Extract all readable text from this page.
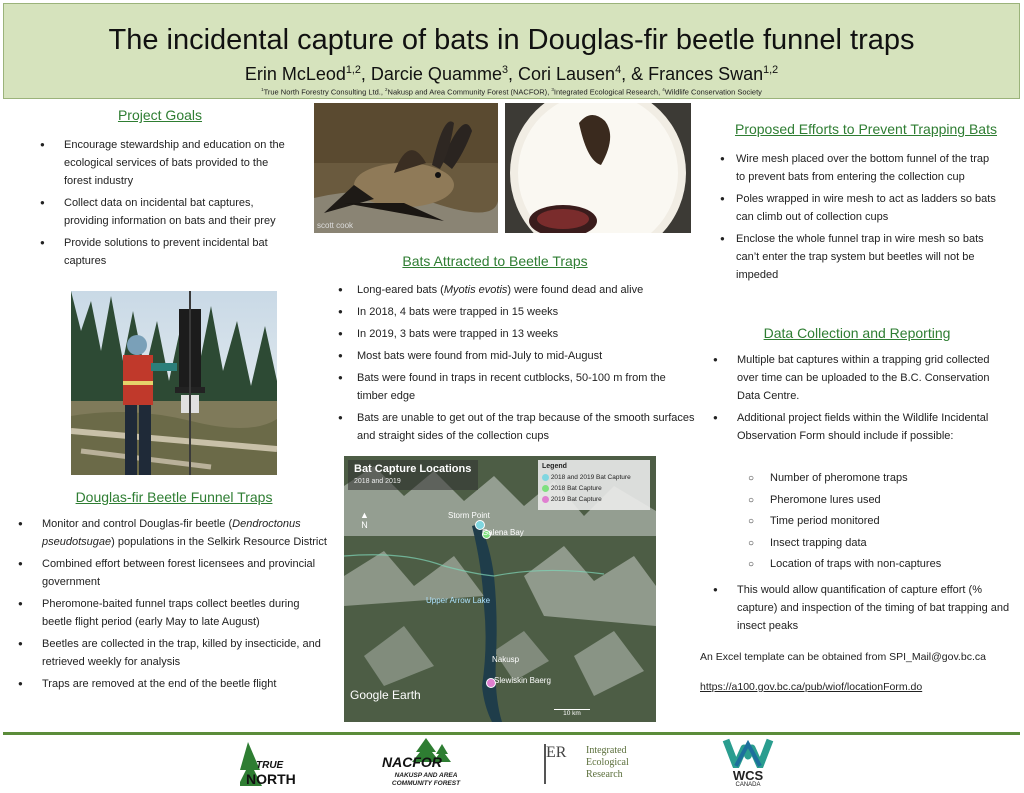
The incidental capture of bats in Douglas-fir beetle funnel traps
Erin McLeod$^{1,2}$, Darcie Quamme$^3$, Cori Lausen$^4$, & Frances Swan$^{1,2}$
$^1$True North Forestry Consulting Ltd., $^2$Nakusp and Area Community Forest (NACFOR), $^3$Integrated Ecological Research, $^4$Wildlife Conservation Society
Project Goals
● Encourage stewardship and education on the ecological services of bats provided to the forest industry
● Collect data on incidental bat captures, providing information on bats and their prey
● Provide solutions to prevent incidental bat captures
Douglas-fir Beetle Funnel Traps
● Monitor and control Douglas-fir beetle (Dendroctonus pseudotsugae) populations in the Selkirk Resource District
● Combined effort between forest licensees and provincial government
● Pheromone-baited funnel traps collect beetles during beetle flight period (early May to late August)
● Beetles are collected in the trap, killed by insecticide, and retrieved weekly for analysis
● Traps are removed at the end of the beetle flight
scott cook
Bats Attracted to Beetle Traps
● Long-eared bats (Myotis evotis) were found dead and alive
● In 2018, 4 bats were trapped in 15 weeks
● In 2019, 3 bats were trapped in 13 weeks
● Most bats were found from mid-July to mid-August
● Bats were found in traps in recent cutblocks, 50-100 m from the timber edge
● Bats are unable to get out of the trap because of the smooth surfaces and straight sides of the collection cups
Bat Capture Locations
2018 and 2019
Legend
2018 and 2019 Bat Capture
2018 Bat Capture
2019 Bat Capture
▲
N
Storm Point
Galena Bay
Upper Arrow Lake
Nakusp
Slewiskin Baerg
Google Earth
10 km
Proposed Efforts to Prevent Trapping Bats
● Wire mesh placed over the bottom funnel of the trap to prevent bats from entering the collection cup
● Poles wrapped in wire mesh to act as ladders so bats can climb out of collection cups
● Enclose the whole funnel trap in wire mesh so bats can’t enter the trap system but beetles will not be impeded
Data Collection and Reporting
● Multiple bat captures within a trapping grid collected over time can be uploaded to the B.C. Conservation Data Centre.
● Additional project fields within the Wildlife Incidental Observation Form should include if possible:
○ Number of pheromone traps
○ Pheromone lures used
○ Time period monitored
○ Insect trapping data
○ Location of traps with non-captures
● This would allow quantification of capture effort (% capture) and inspection of the timing of bat trapping and insect peaks
An Excel template can be obtained from SPI_Mail@gov.bc.ca
https://a100.gov.bc.ca/pub/wiof/locationForm.do
TRUE
NORTH
NACFOR
NAKUSP AND AREA
COMMUNITY FOREST
ER	Integrated
Ecological
Research	WCS
CANADA
